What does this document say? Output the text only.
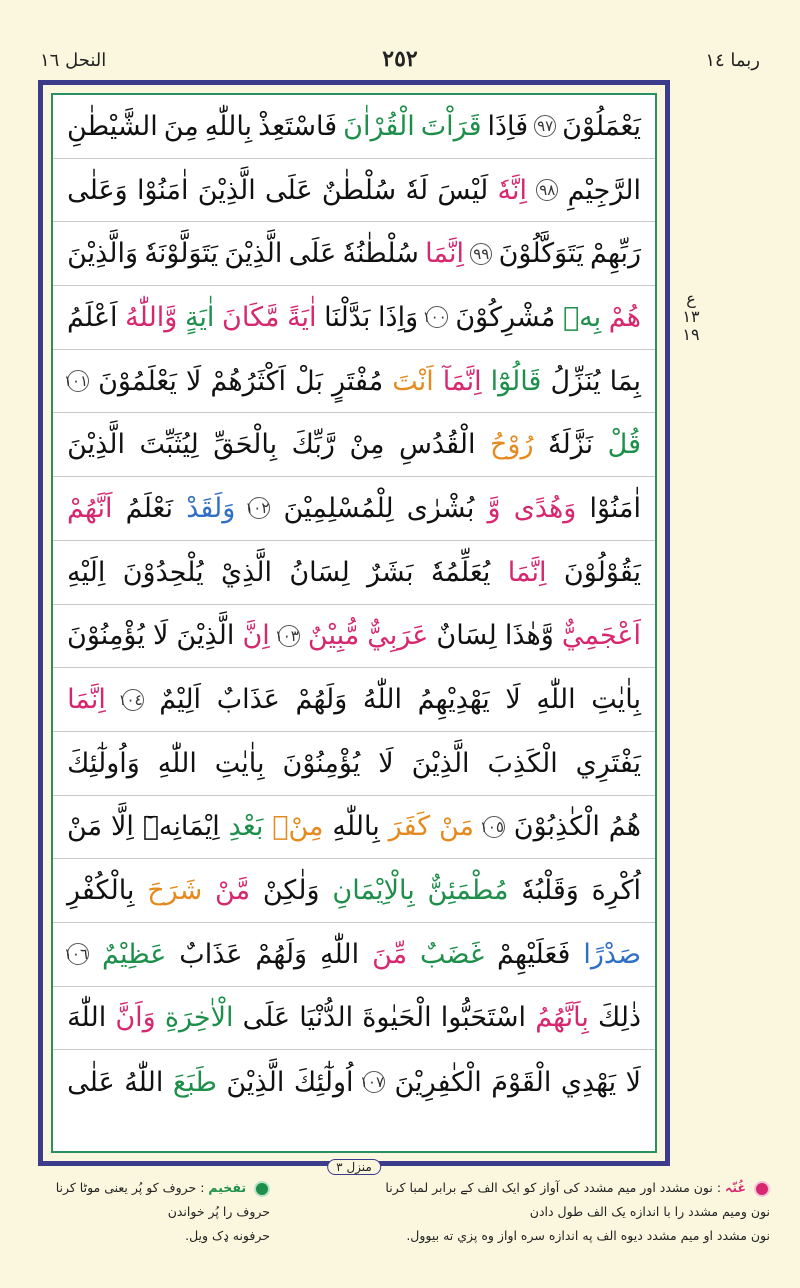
النحل ١٦	٢٥٢	ربما ١٤
يَعْمَلُوْنَ
٩٧
فَاِذَا
قَرَاْتَ
الْقُرْاٰنَ
فَاسْتَعِذْ
بِاللّٰهِ
مِنَ
الشَّيْطٰنِ
الرَّجِيْمِ
٩٨
اِنَّهٗ
لَيْسَ
لَهٗ
سُلْطٰنٌ
عَلَى
الَّذِيْنَ
اٰمَنُوْا
وَعَلٰى
رَبِّهِمْ
يَتَوَكَّلُوْنَ
٩٩
اِنَّمَا
سُلْطٰنُهٗ
عَلَى
الَّذِيْنَ
يَتَوَلَّوْنَهٗ
وَالَّذِيْنَ
هُمْ
بِهٖ
مُشْرِكُوْنَ
١٠٠
وَاِذَا
بَدَّلْنَا
اٰيَةً
مَّكَانَ
اٰيَةٍ
وَّاللّٰهُ
اَعْلَمُ
بِمَا
يُنَزِّلُ
قَالُوْٓا
اِنَّمَآ
اَنْتَ
مُفْتَرٍ
بَلْ
اَكْثَرُهُمْ
لَا
يَعْلَمُوْنَ
١٠١
قُلْ
نَزَّلَهٗ
رُوْحُ
الْقُدُسِ
مِنْ
رَّبِّكَ
بِالْحَقِّ
لِيُثَبِّتَ
الَّذِيْنَ
اٰمَنُوْا
وَهُدًى
وَّ
بُشْرٰى
لِلْمُسْلِمِيْنَ
١٠٢
وَلَقَدْ
نَعْلَمُ
اَنَّهُمْ
يَقُوْلُوْنَ
اِنَّمَا
يُعَلِّمُهٗ
بَشَرٌ
لِسَانُ
الَّذِيْ
يُلْحِدُوْنَ
اِلَيْهِ
اَعْجَمِيٌّ
وَّهٰذَا
لِسَانٌ
عَرَبِيٌّ
مُّبِيْنٌ
١٠٣
اِنَّ
الَّذِيْنَ
لَا
يُؤْمِنُوْنَ
بِاٰيٰتِ
اللّٰهِ
لَا
يَهْدِيْهِمُ
اللّٰهُ
وَلَهُمْ
عَذَابٌ
اَلِيْمٌ
١٠٤
اِنَّمَا
يَفْتَرِي
الْكَذِبَ
الَّذِيْنَ
لَا
يُؤْمِنُوْنَ
بِاٰيٰتِ
اللّٰهِ
وَاُولٰٓئِكَ
هُمُ
الْكٰذِبُوْنَ
١٠٥
مَنْ
كَفَرَ
بِاللّٰهِ
مِنْۢ
بَعْدِ
اِيْمَانِهٖٓ
اِلَّا
مَنْ
اُكْرِهَ
وَقَلْبُهٗ
مُطْمَئِنٌّ
بِالْاِيْمَانِ
وَلٰكِنْ
مَّنْ
شَرَحَ
بِالْكُفْرِ
صَدْرًا
فَعَلَيْهِمْ
غَضَبٌ
مِّنَ
اللّٰهِ
وَلَهُمْ
عَذَابٌ
عَظِيْمٌ
١٠٦
ذٰلِكَ
بِاَنَّهُمُ
اسْتَحَبُّوا
الْحَيٰوةَ
الدُّنْيَا
عَلَى
الْاٰخِرَةِ
وَاَنَّ
اللّٰهَ
لَا
يَهْدِي
الْقَوْمَ
الْكٰفِرِيْنَ
١٠٧
اُولٰٓئِكَ
الَّذِيْنَ
طَبَعَ
اللّٰهُ
عَلٰى
منزل ٣
ع
١٣
١٩
غُنّہ : نون مشدد اور میم مشدد کی آواز کو ایک الف کے برابر لمبا کرنا
نون وميم مشدد را با اندازه یک الف طول دادن
نون مشدد او ميم مشدد ديوه الف په اندازه سره اواز وه پزي ته بيوول.
تفخیم : حروف کو پُر یعنی موٹا کرنا
حروف را پُر خواندن
حرفونه ډک ویل.
